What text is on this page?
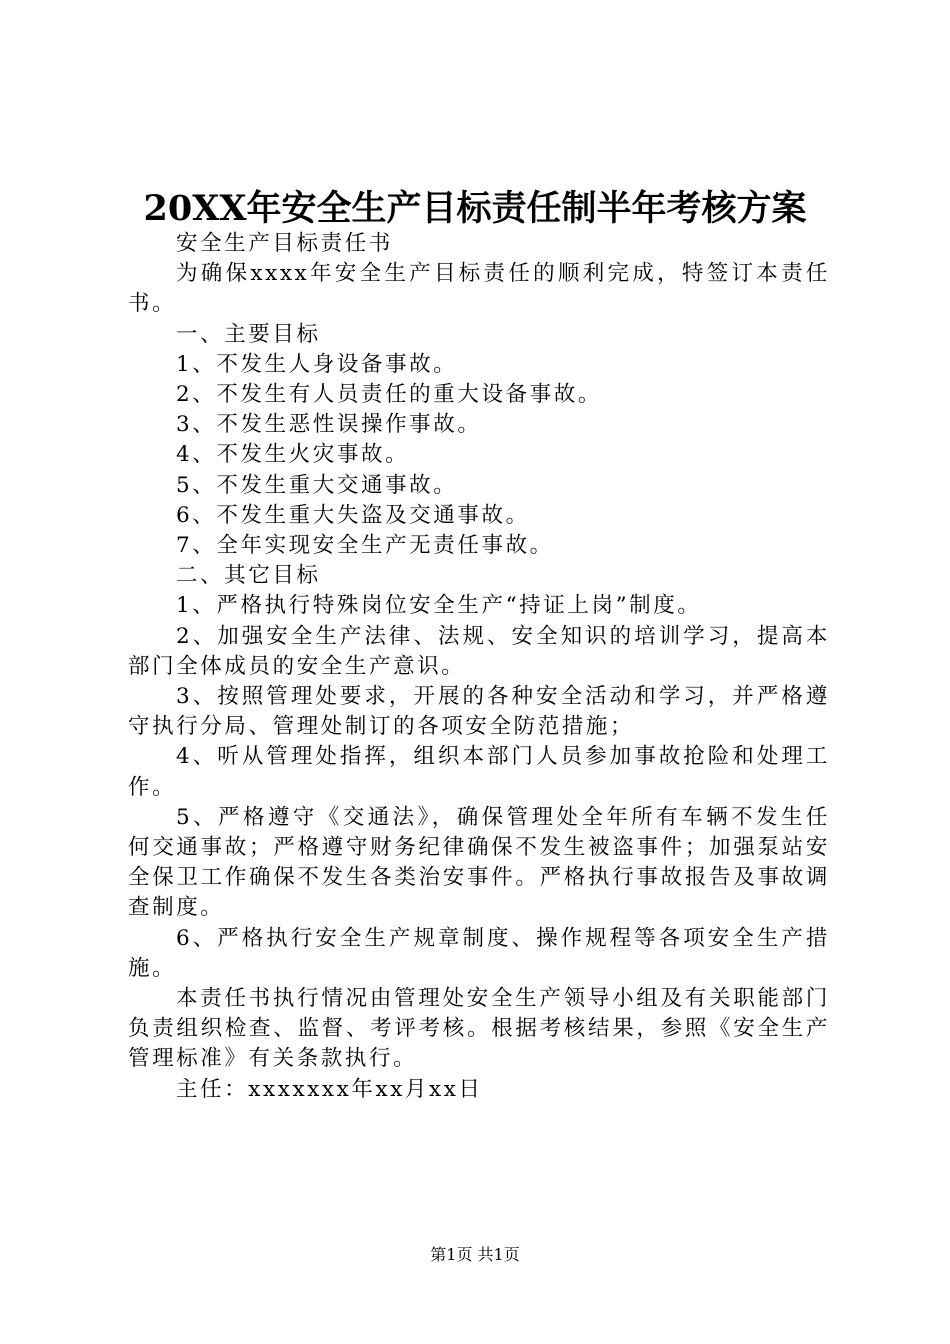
20XX年安全生产目标责任制半年考核方案

安全生产目标责任书

为确保xxxx年安全生产目标责任的顺利完成，特签订本责任书。

一、主要目标

1、不发生人身设备事故。

2、不发生有人员责任的重大设备事故。

3、不发生恶性误操作事故。

4、不发生火灾事故。

5、不发生重大交通事故。

6、不发生重大失盗及交通事故。

7、全年实现安全生产无责任事故。

二、其它目标

1、严格执行特殊岗位安全生产“持证上岗”制度。

2、加强安全生产法律、法规、安全知识的培训学习，提高本部门全体成员的安全生产意识。

3、按照管理处要求，开展的各种安全活动和学习，并严格遵守执行分局、管理处制订的各项安全防范措施；

4、听从管理处指挥，组织本部门人员参加事故抢险和处理工作。

5、严格遵守《交通法》，确保管理处全年所有车辆不发生任何交通事故；严格遵守财务纪律确保不发生被盗事件；加强泵站安全保卫工作确保不发生各类治安事件。严格执行事故报告及事故调查制度。

6、严格执行安全生产规章制度、操作规程等各项安全生产措施。

本责任书执行情况由管理处安全生产领导小组及有关职能部门负责组织检查、监督、考评考核。根据考核结果，参照《安全生产管理标准》有关条款执行。

主任：xxxxxxx年xx月xx日

第1页 共1页
